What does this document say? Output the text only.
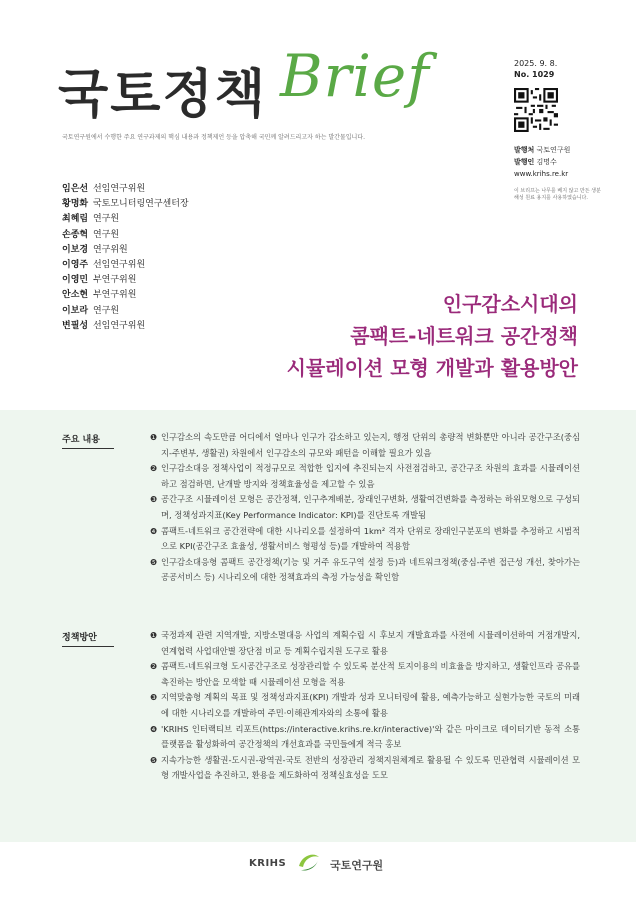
국토정책 Brief
국토연구원에서 수행한 주요 연구과제의 핵심 내용과 정책제언 등을 압축해 국민께 알려드리고자 하는 발간물입니다.
2025. 9. 8.
No. 1029
발행처 국토연구원
발행인 김명수
www.krihs.re.kr
이 브리프는 나무를 베지 않고 만든 생분해성 원료 용지를 사용하였습니다.
임은선 선임연구위원
황명화 국토모니터링연구센터장
최혜림 연구원
손종혁 연구원
이보경 연구위원
이영주 선임연구위원
이영민 부연구위원
안소현 부연구위원
이보라 연구원
변필성 선임연구위원
인구감소시대의
콤팩트-네트워크 공간정책
시뮬레이션 모형 개발과 활용방안
주요 내용	❶ 인구감소의 속도만큼 어디에서 얼마나 인구가 감소하고 있는지, 행정 단위의 총량적 변화뿐만 아니라 공간구조(중심지-주변부, 생활권) 차원에서 인구감소의 규모와 패턴을 이해할 필요가 있음
❷ 인구감소대응 정책사업이 적정규모로 적합한 입지에 추진되는지 사전점검하고, 공간구조 차원의 효과를 시뮬레이션하고 점검하면, 난개발 방지와 정책효율성을 제고할 수 있음
❸ 공간구조 시뮬레이션 모형은 공간정책, 인구추계배분, 장래인구변화, 생활여건변화를 측정하는 하위모형으로 구성되며, 정책성과지표(Key Performance Indicator: KPI)를 진단토록 개발됨
❹ 콤팩트-네트워크 공간전략에 대한 시나리오를 설정하여 1km² 격자 단위로 장래인구분포의 변화를 추정하고 시범적으로 KPI(공간구조 효율성, 생활서비스 형평성 등)를 개발하여 적용함
❺ 인구감소대응형 콤팩트 공간정책(기능 및 거주 유도구역 설정 등)과 네트워크정책(중심-주변 접근성 개선, 찾아가는 공공서비스 등) 시나리오에 대한 정책효과의 측정 가능성을 확인함
정책방안	❶ 국정과제 관련 지역개발, 지방소멸대응 사업의 계획수립 시 후보지 개발효과를 사전에 시뮬레이션하여 거점개발지, 연계협력 사업대안별 장단점 비교 등 계획수립지원 도구로 활용
❷ 콤팩트-네트워크형 도시공간구조로 성장관리할 수 있도록 분산적 토지이용의 비효율을 방지하고, 생활인프라 공유를 촉진하는 방안을 모색할 때 시뮬레이션 모형을 적용
❸ 지역맞춤형 계획의 목표 및 정책성과지표(KPI) 개발과 성과 모니터링에 활용, 예측가능하고 실현가능한 국토의 미래에 대한 시나리오를 개발하여 주민·이해관계자와의 소통에 활용
❹ 'KRIHS 인터랙티브 리포트(https://interactive.krihs.re.kr/interactive)'와 같은 마이크로 데이터기반 동적 소통플랫폼을 활성화하여 공간정책의 개선효과를 국민들에게 적극 홍보
❺ 지속가능한 생활권-도시권-광역권-국토 전반의 성장관리 정책지원체계로 활용될 수 있도록 민관협력 시뮬레이션 모형 개발사업을 추진하고, 환용을 제도화하여 정책실효성을 도모
KRIHS	국토연구원
